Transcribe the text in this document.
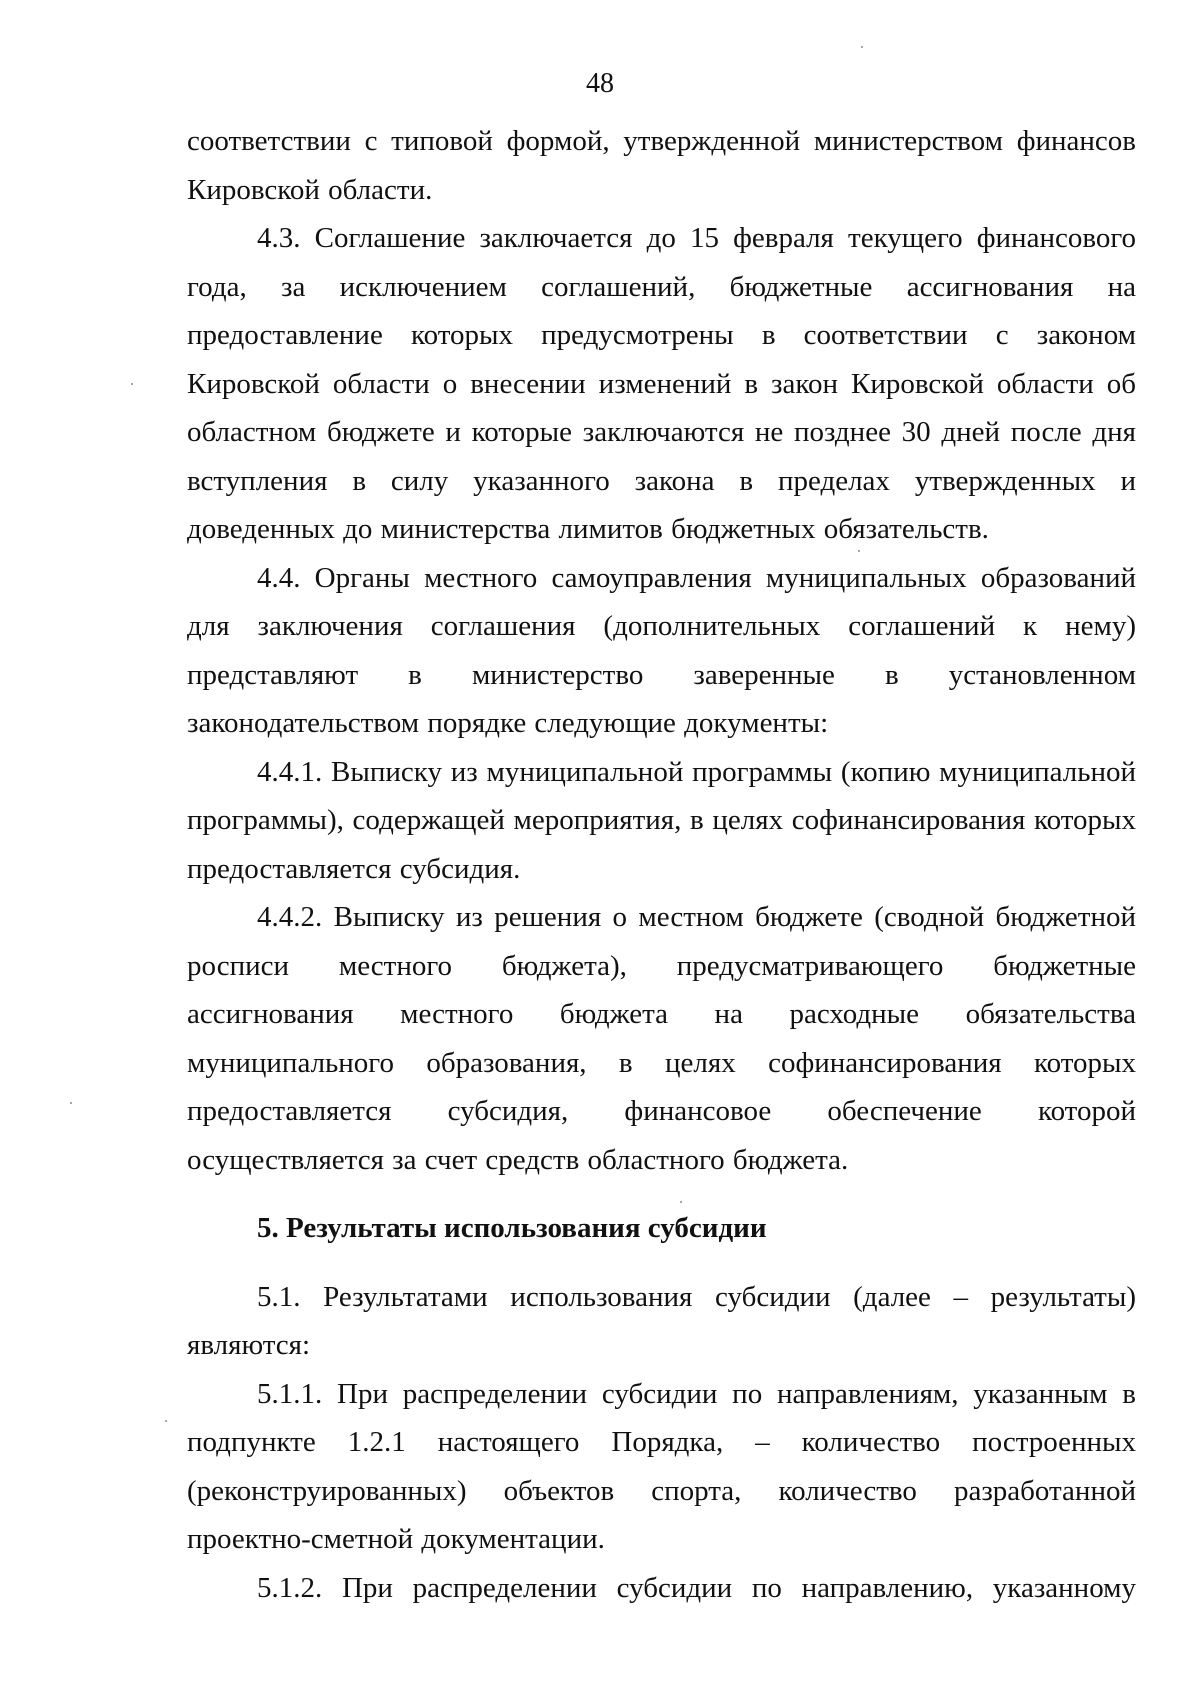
48

соответствии с типовой формой, утвержденной министерством финансов Кировской области.

4.3. Соглашение заключается до 15 февраля текущего финансового года, за исключением соглашений, бюджетные ассигнования на предоставление которых предусмотрены в соответствии с законом Кировской области о внесении изменений в закон Кировской области об областном бюджете и которые заключаются не позднее 30 дней после дня вступления в силу указанного закона в пределах утвержденных и доведенных до министерства лимитов бюджетных обязательств.

4.4. Органы местного самоуправления муниципальных образований для заключения соглашения (дополнительных соглашений к нему) представляют в министерство заверенные в установленном законодательством порядке следующие документы:

4.4.1. Выписку из муниципальной программы (копию муниципальной программы), содержащей мероприятия, в целях софинансирования которых предоставляется субсидия.

4.4.2. Выписку из решения о местном бюджете (сводной бюджетной росписи местного бюджета), предусматривающего бюджетные ассигнования местного бюджета на расходные обязательства муниципального образования, в целях софинансирования которых предоставляется субсидия, финансовое обеспечение которой осуществляется за счет средств областного бюджета.

5. Результаты использования субсидии

5.1. Результатами использования субсидии (далее – результаты) являются:

5.1.1. При распределении субсидии по направлениям, указанным в подпункте 1.2.1 настоящего Порядка, – количество построенных (реконструированных) объектов спорта, количество разработанной проектно-сметной документации.

5.1.2. При распределении субсидии по направлению, указанному
